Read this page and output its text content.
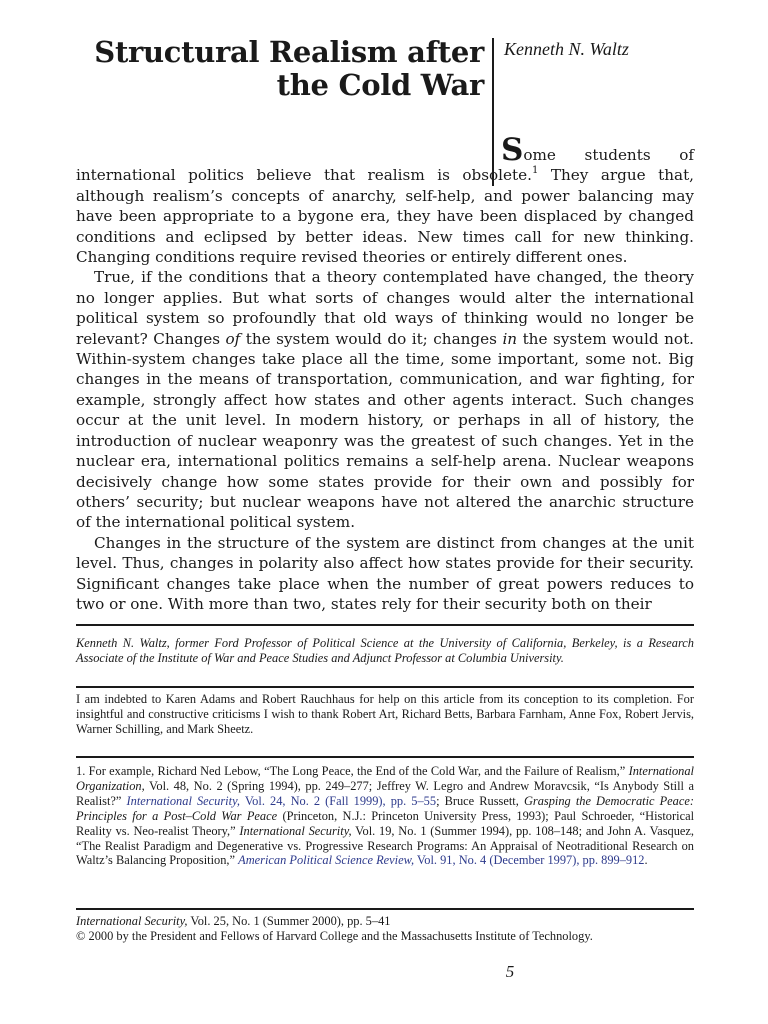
Structural Realism after
the Cold War
Kenneth N. Waltz

Some students of international politics believe that realism is obsolete.$^1$ They argue that, although realism’s concepts of anarchy, self-help, and power balancing may have been appropriate to a bygone era, they have been displaced by changed conditions and eclipsed by better ideas. New times call for new thinking. Changing conditions require revised theories or entirely different ones.

True, if the conditions that a theory contemplated have changed, the theory no longer applies. But what sorts of changes would alter the international political system so profoundly that old ways of thinking would no longer be relevant? Changes of the system would do it; changes in the system would not. Within-system changes take place all the time, some important, some not. Big changes in the means of transportation, communication, and war fighting, for example, strongly affect how states and other agents interact. Such changes occur at the unit level. In modern history, or perhaps in all of history, the introduction of nuclear weaponry was the greatest of such changes. Yet in the nuclear era, international politics remains a self-help arena. Nuclear weapons decisively change how some states provide for their own and possibly for others’ security; but nuclear weapons have not altered the anarchic structure of the international political system.

Changes in the structure of the system are distinct from changes at the unit level. Thus, changes in polarity also affect how states provide for their security. Significant changes take place when the number of great powers reduces to two or one. With more than two, states rely for their security both on their

Kenneth N. Waltz, former Ford Professor of Political Science at the University of California, Berkeley, is a Research Associate of the Institute of War and Peace Studies and Adjunct Professor at Columbia University.
I am indebted to Karen Adams and Robert Rauchhaus for help on this article from its conception to its completion. For insightful and constructive criticisms I wish to thank Robert Art, Richard Betts, Barbara Farnham, Anne Fox, Robert Jervis, Warner Schilling, and Mark Sheetz.
1. For example, Richard Ned Lebow, “The Long Peace, the End of the Cold War, and the Failure of Realism,” International Organization, Vol. 48, No. 2 (Spring 1994), pp. 249–277; Jeffrey W. Legro and Andrew Moravcsik, “Is Anybody Still a Realist?” International Security, Vol. 24, No. 2 (Fall 1999), pp. 5–55; Bruce Russett, Grasping the Democratic Peace: Principles for a Post–Cold War Peace (Princeton, N.J.: Princeton University Press, 1993); Paul Schroeder, “Historical Reality vs. Neo-realist Theory,” International Security, Vol. 19, No. 1 (Summer 1994), pp. 108–148; and John A. Vasquez, “The Realist Paradigm and Degenerative vs. Progressive Research Programs: An Appraisal of Neotraditional Research on Waltz’s Balancing Proposition,” American Political Science Review, Vol. 91, No. 4 (December 1997), pp. 899–912.
International Security, Vol. 25, No. 1 (Summer 2000), pp. 5–41
© 2000 by the President and Fellows of Harvard College and the Massachusetts Institute of Technology.
5
